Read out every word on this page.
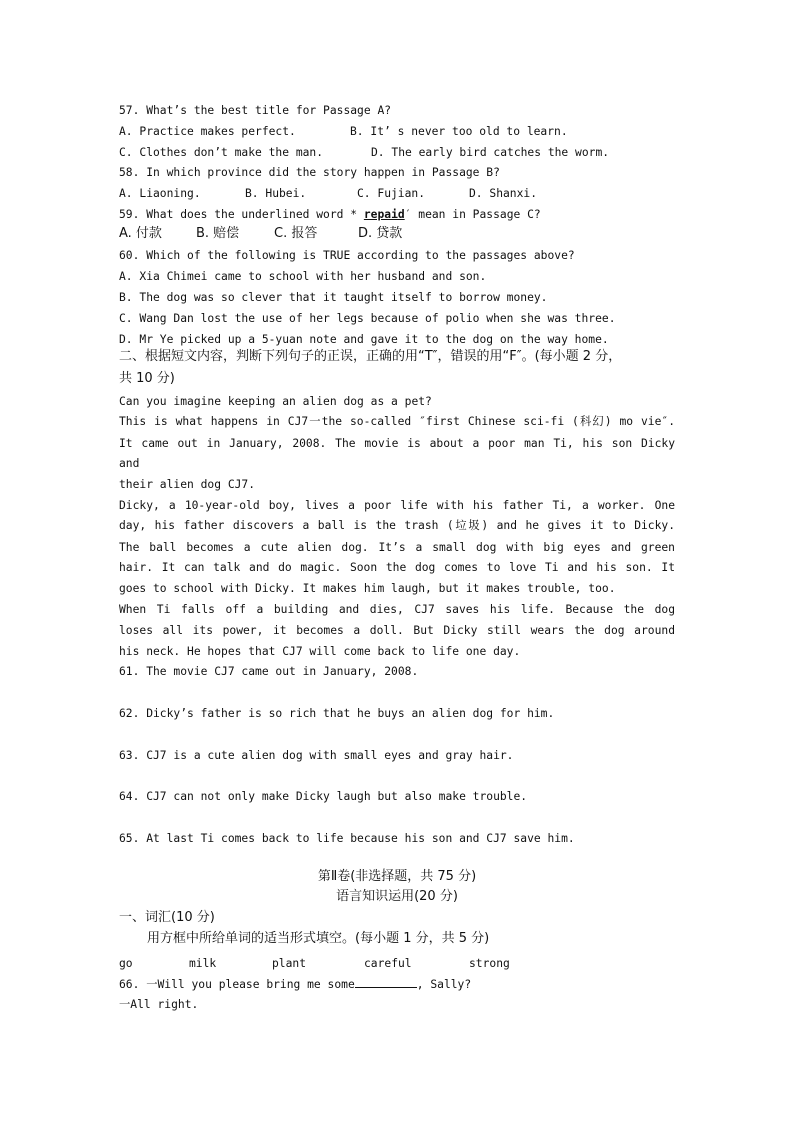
57. What’s the best title for Passage A?
A. Practice makes perfect.	B. It’ s never too old to learn.
C. Clothes don’t make the man.	D. The early bird catches the worm.
58. In which province did the story happen in Passage B?
A. Liaoning.	B. Hubei.	C. Fujian.	D. Shanxi.
59. What does the underlined word * repaid′ mean in Passage C?
A. 付款	B. 赔偿	C. 报答	D. 贷款
60. Which of the following is TRUE according to the passages above?
A. Xia Chimei came to school with her husband and son.
B. The dog was so clever that it taught itself to borrow money.
C. Wang Dan lost the use of her legs because of polio when she was three.
D. Mr Ye picked up a 5-yuan note and gave it to the dog on the way home.
二、根据短文内容，判断下列句子的正误，正确的用“T″，错误的用“F″。(每小题 2 分，
共 10 分)
Can you imagine keeping an alien dog as a pet?
This is what happens in CJ7一the so-called ″first Chinese sci-fi (科幻) mo vie″.
It came out in January, 2008. The movie is about a poor man Ti, his son Dicky
and
their alien dog CJ7.
Dicky, a 10-year-old boy, lives a poor life with his father Ti, a worker. One
day, his father discovers a ball is the trash (垃圾) and he gives it to Dicky.
The ball becomes a cute alien dog. It’s a small dog with big eyes and green
hair. It can talk and do magic. Soon the dog comes to love Ti and his son. It
goes to school with Dicky. It makes him laugh, but it makes trouble, too.
When Ti falls off a building and dies, CJ7 saves his life. Because the dog
loses all its power, it becomes a doll. But Dicky still wears the dog around
his neck. He hopes that CJ7 will come back to life one day.
61. The movie CJ7 came out in January, 2008.
62. Dicky’s father is so rich that he buys an alien dog for him.
63. CJ7 is a cute alien dog with small eyes and gray hair.
64. CJ7 can not only make Dicky laugh but also make trouble.
65. At last Ti comes back to life because his son and CJ7 save him.
第Ⅱ卷(非选择题，共 75 分)
语言知识运用(20 分)
一、词汇(10 分)
用方框中所给单词的适当形式填空。(每小题 1 分，共 5 分)
go	milk	plant	careful	strong
66. 一Will you please bring me some	, Sally?
一All right.
